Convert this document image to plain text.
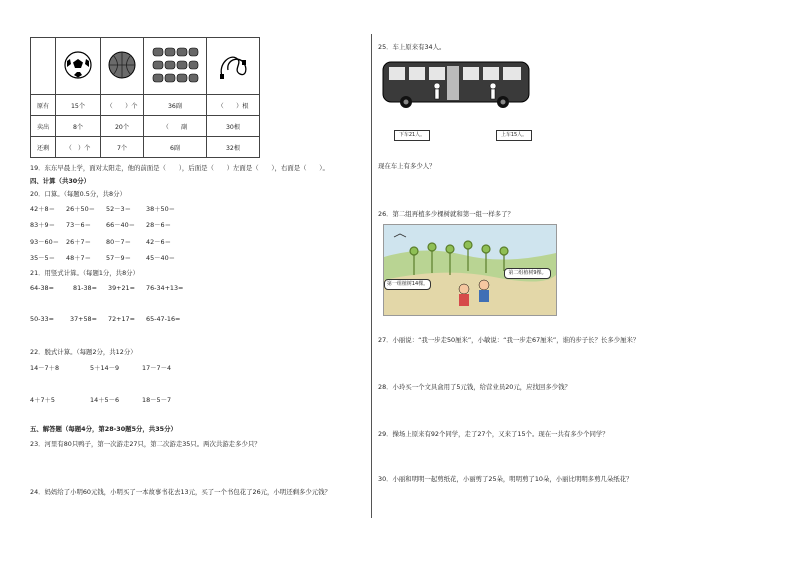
原有	15个	（　　）个	36副	（　　）根
卖出	8个	20个	（　　副	30根
还剩	（　）个	7个	6副	32根
19．东东早晨上学，面对太阳走，他的前面是（　　），后面是（　　）左面是（　　），右面是（　　）。
四、计算（共30分）
20．口算。（每题0.5分，共8分）
42＋8＝ 26＋50＝ 52－3＝ 38＋50＝
83＋9＝ 73－6＝ 66－40＝ 28－6＝
93－60＝ 26＋7＝ 80－7＝ 42－6＝
35－5＝ 48＋7＝ 57－9＝ 45－40＝
21．用竖式计算。（每题1分，共8分）
64-38=	81-38= 39+21= 76-34+13=
50-33=	37+58= 72+17= 65-47-16=
22．脱式计算。（每题2分，共12分）
14－7＋8	5＋14－9	17－7－4
4＋7＋5	14＋5－6	18－5－7
五、解答题（每题4分，第28-30题5分，共35分）
23．河里有80只鸭子，第一次游走27只，第二次游走35只。两次共游走多少只？
24．妈妈给了小明60元钱，小明买了一本故事书花去13元，买了一个书包花了26元，小明还剩多少元钱？
25．车上原来有34人。
下车21人。	上车15人。
现在车上有多少人？
26．第二组再植多少棵树就和第一组一样多了？
第一组植树14棵。
第二组植树9棵。
27．小丽说：“我一步走50厘米”，小敏说：“我一步走67厘米”，谁的步子长？长多少厘米？
28．小玲买一个文具盒用了5元钱，给营业员20元，应找回多少钱？
29．操场上原来有92个同学，走了27个，又来了15个。现在一共有多少个同学？
30．小丽和明明一起剪纸花，小丽剪了25朵，明明剪了10朵，小丽比明明多剪几朵纸花？
